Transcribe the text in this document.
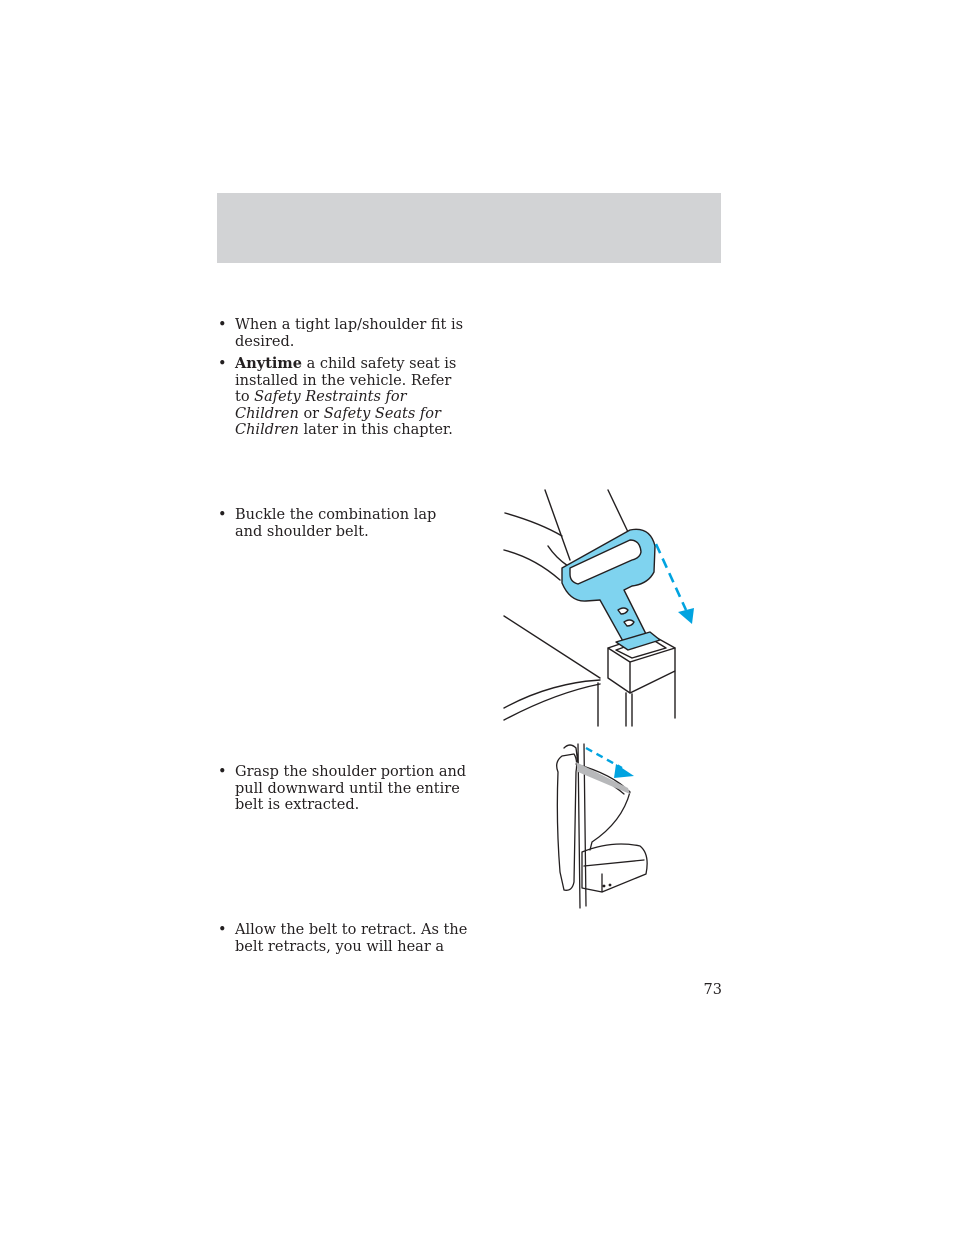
• When a tight lap/shoulder fit is desired.
• Anytime a child safety seat is installed in the vehicle. Refer to Safety Restraints for Children or Safety Seats for Children later in this chapter.
• Buckle the combination lap and shoulder belt.
• Grasp the shoulder portion and pull downward until the entire belt is extracted.
• Allow the belt to retract. As the belt retracts, you will hear a
73
